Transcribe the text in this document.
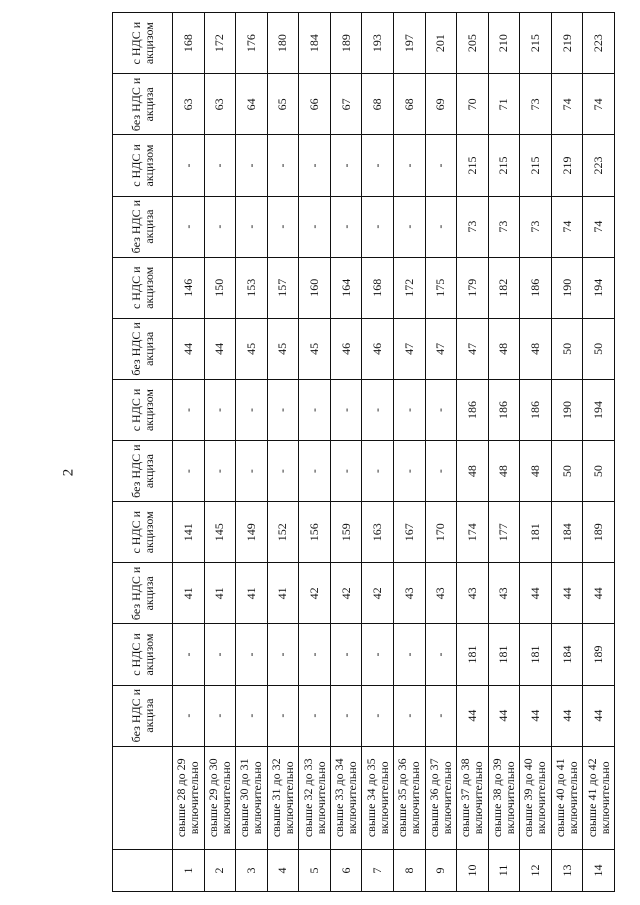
2
		без НДС и акциза	с НДС и акцизом	без НДС и акциза	с НДС и акцизом	без НДС и акциза	с НДС и акцизом	без НДС и акциза	с НДС и акцизом	без НДС и акциза	с НДС и акцизом	без НДС и акциза	с НДС и акцизом
1	свыше 28 до 29 включительно	-	-	41	141	-	-	44	146	-	-	63	168
2	свыше 29 до 30 включительно	-	-	41	145	-	-	44	150	-	-	63	172
3	свыше 30 до 31 включительно	-	-	41	149	-	-	45	153	-	-	64	176
4	свыше 31 до 32 включительно	-	-	41	152	-	-	45	157	-	-	65	180
5	свыше 32 до 33 включительно	-	-	42	156	-	-	45	160	-	-	66	184
6	свыше 33 до 34 включительно	-	-	42	159	-	-	46	164	-	-	67	189
7	свыше 34 до 35 включительно	-	-	42	163	-	-	46	168	-	-	68	193
8	свыше 35 до 36 включительно	-	-	43	167	-	-	47	172	-	-	68	197
9	свыше 36 до 37 включительно	-	-	43	170	-	-	47	175	-	-	69	201
10	свыше 37 до 38 включительно	44	181	43	174	48	186	47	179	73	215	70	205
11	свыше 38 до 39 включительно	44	181	43	177	48	186	48	182	73	215	71	210
12	свыше 39 до 40 включительно	44	181	44	181	48	186	48	186	73	215	73	215
13	свыше 40 до 41 включительно	44	184	44	184	50	190	50	190	74	219	74	219
14	свыше 41 до 42 включительно	44	189	44	189	50	194	50	194	74	223	74	223
